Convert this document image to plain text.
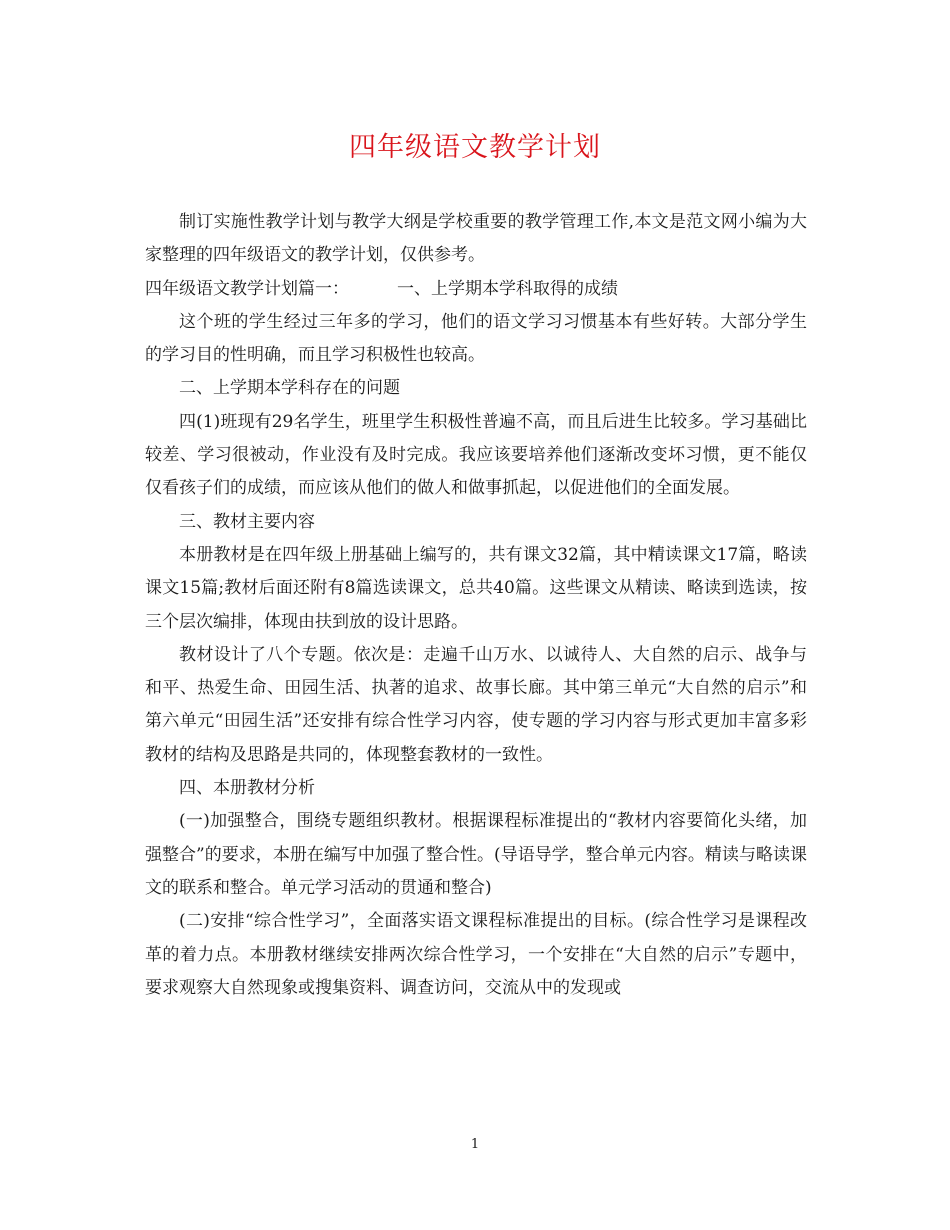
四年级语文教学计划

制订实施性教学计划与教学大纲是学校重要的教学管理工作,本文是范文网小编为大家整理的四年级语文的教学计划，仅供参考。

四年级语文教学计划篇一：	一、上学期本学科取得的成绩

这个班的学生经过三年多的学习，他们的语文学习习惯基本有些好转。大部分学生的学习目的性明确，而且学习积极性也较高。

二、上学期本学科存在的问题

四(1)班现有29名学生，班里学生积极性普遍不高，而且后进生比较多。学习基础比较差、学习很被动，作业没有及时完成。我应该要培养他们逐渐改变坏习惯，更不能仅仅看孩子们的成绩，而应该从他们的做人和做事抓起，以促进他们的全面发展。

三、教材主要内容

本册教材是在四年级上册基础上编写的，共有课文32篇，其中精读课文17篇，略读课文15篇;教材后面还附有8篇选读课文，总共40篇。这些课文从精读、略读到选读，按三个层次编排，体现由扶到放的设计思路。

教材设计了八个专题。依次是：走遍千山万水、以诚待人、大自然的启示、战争与和平、热爱生命、田园生活、执著的追求、故事长廊。其中第三单元“大自然的启示”和第六单元“田园生活”还安排有综合性学习内容，使专题的学习内容与形式更加丰富多彩教材的结构及思路是共同的，体现整套教材的一致性。

四、本册教材分析

(一)加强整合，围绕专题组织教材。根据课程标准提出的“教材内容要简化头绪，加强整合”的要求，本册在编写中加强了整合性。(导语导学，整合单元内容。精读与略读课文的联系和整合。单元学习活动的贯通和整合)

(二)安排“综合性学习”，全面落实语文课程标准提出的目标。(综合性学习是课程改革的着力点。本册教材继续安排两次综合性学习，一个安排在“大自然的启示”专题中，要求观察大自然现象或搜集资料、调查访问，交流从中的发现或

1
